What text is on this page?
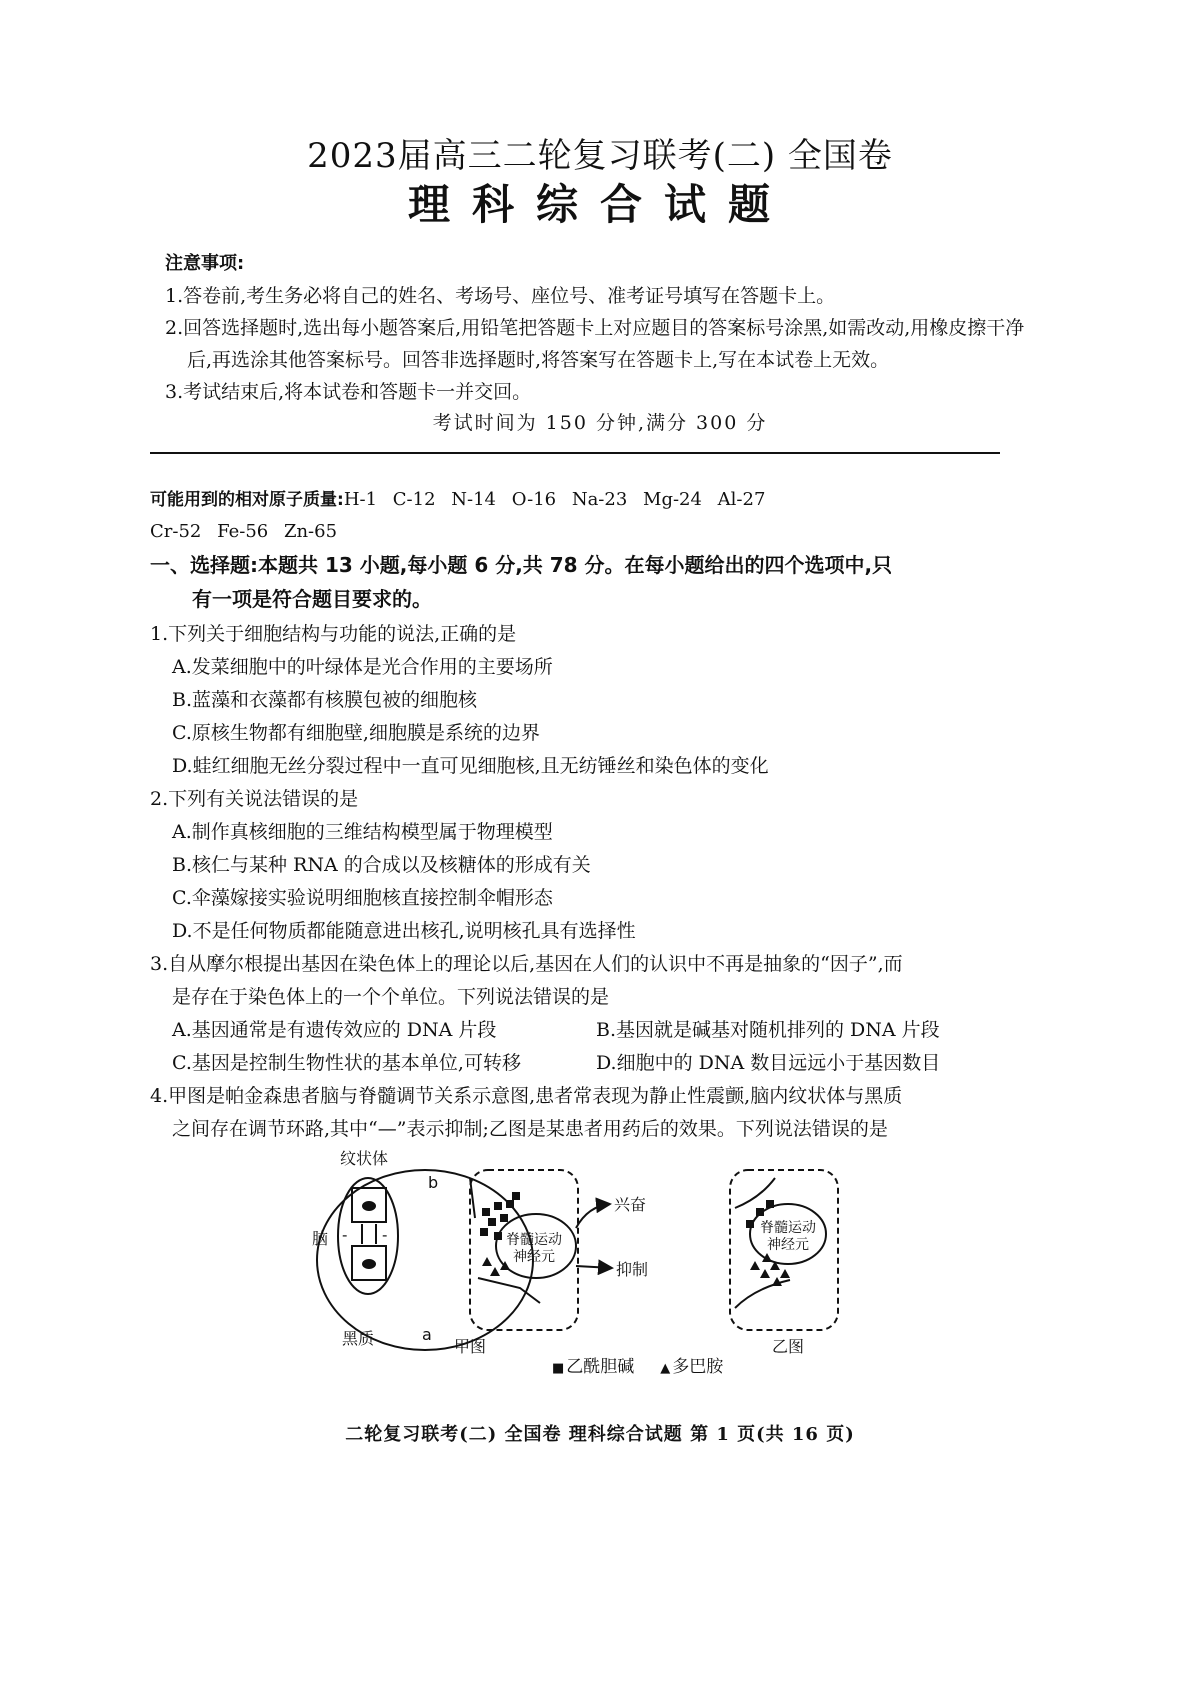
2023届高三二轮复习联考(二) 全国卷
理科综合试题
注意事项:
1.答卷前,考生务必将自己的姓名、考场号、座位号、准考证号填写在答题卡上。
2.回答选择题时,选出每小题答案后,用铅笔把答题卡上对应题目的答案标号涂黑,如需改动,用橡皮擦干净后,再选涂其他答案标号。回答非选择题时,将答案写在答题卡上,写在本试卷上无效。
3.考试结束后,将本试卷和答题卡一并交回。
考试时间为 150 分钟,满分 300 分
可能用到的相对原子质量:H-1 C-12 N-14 O-16 Na-23 Mg-24 Al-27
Cr-52 Fe-56 Zn-65
一、选择题:本题共 13 小题,每小题 6 分,共 78 分。在每小题给出的四个选项中,只
有一项是符合题目要求的。
1.下列关于细胞结构与功能的说法,正确的是
A.发菜细胞中的叶绿体是光合作用的主要场所
B.蓝藻和衣藻都有核膜包被的细胞核
C.原核生物都有细胞壁,细胞膜是系统的边界
D.蛙红细胞无丝分裂过程中一直可见细胞核,且无纺锤丝和染色体的变化
2.下列有关说法错误的是
A.制作真核细胞的三维结构模型属于物理模型
B.核仁与某种 RNA 的合成以及核糖体的形成有关
C.伞藻嫁接实验说明细胞核直接控制伞帽形态
D.不是任何物质都能随意进出核孔,说明核孔具有选择性
3.自从摩尔根提出基因在染色体上的理论以后,基因在人们的认识中不再是抽象的“因子”,而
是存在于染色体上的一个个单位。下列说法错误的是
A.基因通常是有遗传效应的 DNA 片段	B.基因就是碱基对随机排列的 DNA 片段
C.基因是控制生物性状的基本单位,可转移	D.细胞中的 DNA 数目远远小于基因数目
4.甲图是帕金森患者脑与脊髓调节关系示意图,患者常表现为静止性震颤,脑内纹状体与黑质
之间存在调节环路,其中“—”表示抑制;乙图是某患者用药后的效果。下列说法错误的是
- -
纹状体
脑
黑质
b
a
脊髓运动
神经元
兴奋
抑制
脊髓运动
神经元
甲图	乙图
■ 乙酰胆碱 ▲ 多巴胺
二轮复习联考(二) 全国卷 理科综合试题 第 1 页(共 16 页)
